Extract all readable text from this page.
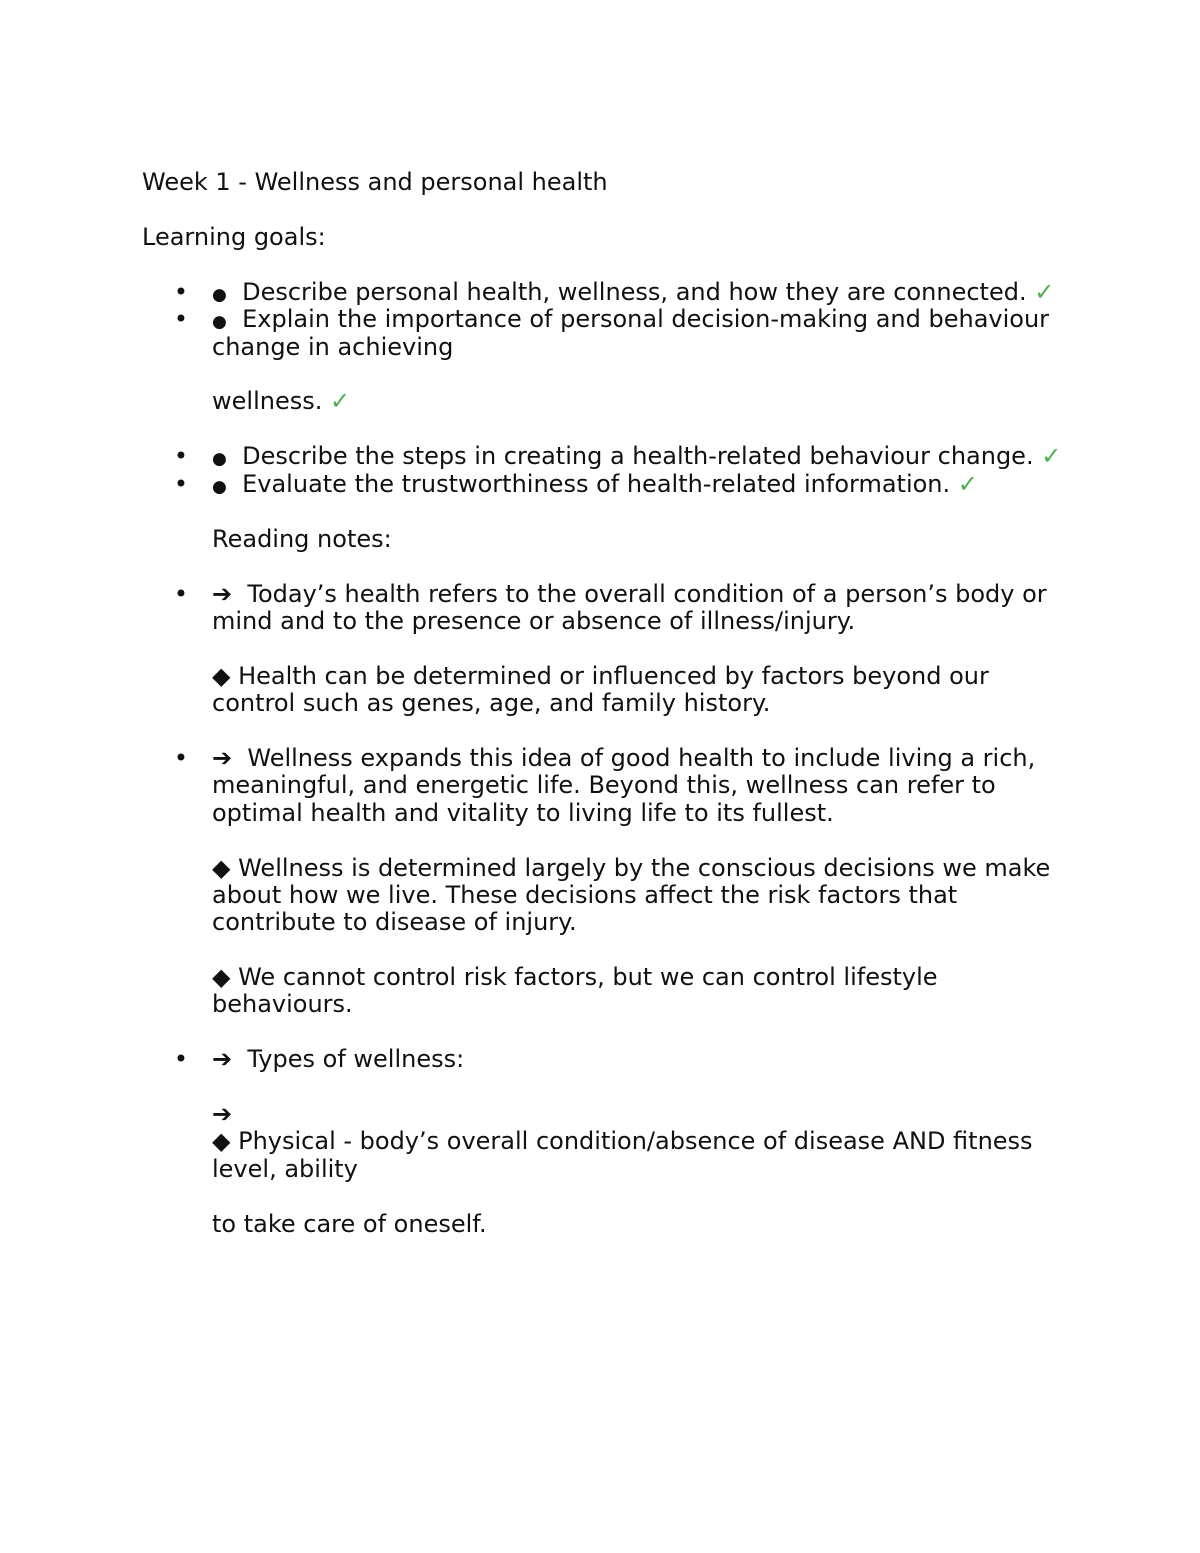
Week 1 - Wellness and personal health
Learning goals:
• ● Describe personal health, wellness, and how they are connected. ✓
• ● Explain the importance of personal decision-making and behaviour
change in achieving
wellness. ✓
• ● Describe the steps in creating a health-related behaviour change. ✓
• ● Evaluate the trustworthiness of health-related information. ✓
Reading notes:
• ➔ Today’s health refers to the overall condition of a person’s body or
mind and to the presence or absence of illness/injury.
◆ Health can be determined or influenced by factors beyond our
control such as genes, age, and family history.
• ➔ Wellness expands this idea of good health to include living a rich,
meaningful, and energetic life. Beyond this, wellness can refer to
optimal health and vitality to living life to its fullest.
◆ Wellness is determined largely by the conscious decisions we make
about how we live. These decisions affect the risk factors that
contribute to disease of injury.
◆ We cannot control risk factors, but we can control lifestyle
behaviours.
• ➔ Types of wellness:
➔
◆ Physical - body’s overall condition/absence of disease AND fitness
level, ability
to take care of oneself.
